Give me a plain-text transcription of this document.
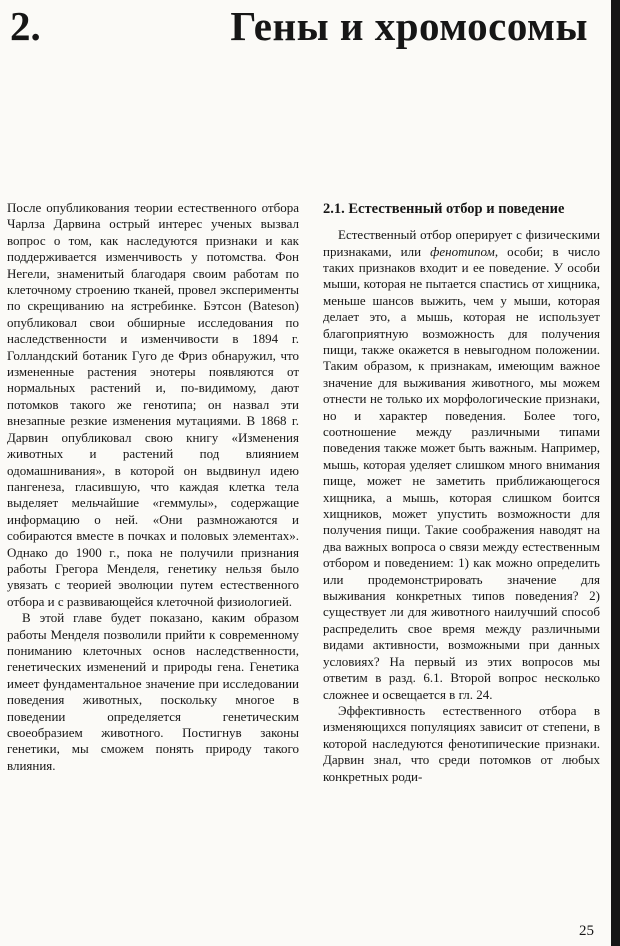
2.	Гены и хромосомы

После опубликования теории естественного отбора Чарлза Дарвина острый интерес ученых вызвал вопрос о том, как наследуются признаки и как поддерживается изменчивость у потомства. Фон Негели, знаменитый благодаря своим работам по клеточному строению тканей, провел эксперименты по скрещиванию на ястребинке. Бэтсон (Bateson) опубликовал свои обширные исследования по наследственности и изменчивости в 1894 г. Голландский ботаник Гуго де Фриз обнаружил, что измененные растения энотеры появляются от нормальных растений и, по-видимому, дают потомков такого же генотипа; он назвал эти внезапные резкие изменения мутациями. В 1868 г. Дарвин опубликовал свою книгу «Изменения животных и растений под влиянием одомашнивания», в которой он выдвинул идею пангенеза, гласившую, что каждая клетка тела выделяет мельчайшие «геммулы», содержащие информацию о ней. «Они размножаются и собираются вместе в почках и половых элементах». Однако до 1900 г., пока не получили признания работы Грегора Менделя, генетику нельзя было увязать с теорией эволюции путем естественного отбора и с развивающейся клеточной физиологией.

В этой главе будет показано, каким образом работы Менделя позволили прийти к современному пониманию клеточных основ наследственности, генетических изменений и природы гена. Генетика имеет фундаментальное значение при исследовании поведения животных, поскольку многое в поведении определяется генетическим своеобразием животного. Постигнув законы генетики, мы сможем понять природу такого влияния.

2.1. Естественный отбор и поведение

Естественный отбор оперирует с физическими признаками, или фенотипом, особи; в число таких признаков входит и ее поведение. У особи мыши, которая не пытается спастись от хищника, меньше шансов выжить, чем у мыши, которая делает это, а мышь, которая не использует благоприятную возможность для получения пищи, также окажется в невыгодном положении. Таким образом, к признакам, имеющим важное значение для выживания животного, мы можем отнести не только их морфологические признаки, но и характер поведения. Более того, соотношение между различными типами поведения также может быть важным. Например, мышь, которая уделяет слишком много внимания пище, может не заметить приближающегося хищника, а мышь, которая слишком боится хищников, может упустить возможности для получения пищи. Такие соображения наводят на два важных вопроса о связи между естественным отбором и поведением: 1) как можно определить или продемонстрировать значение для выживания конкретных типов поведения? 2) существует ли для животного наилучший способ распределить свое время между различными видами активности, возможными при данных условиях? На первый из этих вопросов мы ответим в разд. 6.1. Второй вопрос несколько сложнее и освещается в гл. 24.

Эффективность естественного отбора в изменяющихся популяциях зависит от степени, в которой наследуются фенотипические признаки. Дарвин знал, что среди потомков от любых конкретных роди-

25
